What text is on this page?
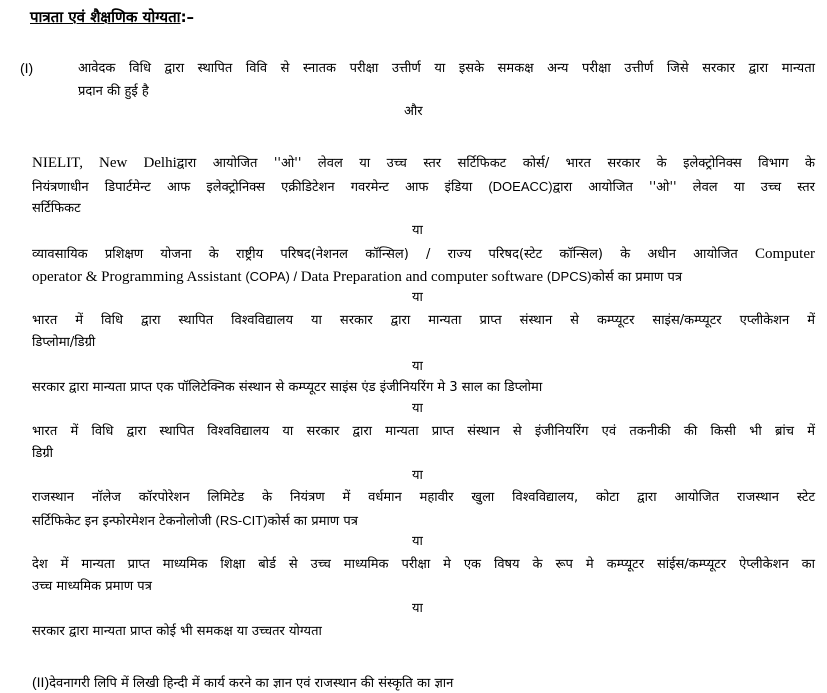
पात्रता एवं शैक्षणिक योग्यता:–
(I)	आवेदक विधि द्वारा स्थापित विवि से स्नातक परीक्षा उत्तीर्ण या इसके समकक्ष अन्य परीक्षा उत्तीर्ण जिसे सरकार द्वारा मान्यता
प्रदान की हुई है
और
NIELIT, New Delhiद्वारा आयोजित ''ओ'' लेवल या उच्च स्तर सर्टिफिकट कोर्स/ भारत सरकार के इलेक्ट्रोनिक्स विभाग के
नियंत्रणाधीन डिपार्टमेन्ट आफ इलेक्ट्रोनिक्स एक्रीडिटेशन गवरमेन्ट आफ इंडिया (DOEACC)द्वारा आयोजित ''ओ'' लेवल या उच्च स्तर
सर्टिफिकट
या
व्यावसायिक प्रशिक्षण योजना के राष्ट्रीय परिषद(नेशनल कॉन्सिल) / राज्य परिषद(स्टेट कॉन्सिल) के अधीन आयोजित Computer
operator & Programming Assistant (COPA) / Data Preparation and computer software (DPCS)कोर्स का प्रमाण पत्र
या
भारत में विधि द्वारा स्थापित विश्वविद्यालय या सरकार द्वारा मान्यता प्राप्त संस्थान से कम्प्यूटर साइंस/कम्प्यूटर एप्लीकेशन में
डिप्लोमा/डिग्री
या
सरकार द्वारा मान्यता प्राप्त एक पॉलिटेक्निक संस्थान से कम्प्यूटर साइंस एंड इंजीनियरिंग मे 3 साल का डिप्लोमा
या
भारत में विधि द्वारा स्थापित विश्वविद्यालय या सरकार द्वारा मान्यता प्राप्त संस्थान से इंजीनियरिंग एवं तकनीकी की किसी भी ब्रांच में
डिग्री
या
राजस्थान नॉलेज कॉरपोरेशन लिमिटेड के नियंत्रण में वर्धमान महावीर खुला विश्वविद्यालय, कोटा द्वारा आयोजित राजस्थान स्टेट
सर्टिफिकेट इन इन्फोरमेशन टेकनोलोजी (RS-CIT)कोर्स का प्रमाण पत्र
या
देश में मान्यता प्राप्त माध्यमिक शिक्षा बोर्ड से उच्च माध्यमिक परीक्षा मे एक विषय के रूप मे कम्प्यूटर सांईस/कम्प्यूटर ऐप्लीकेशन का
उच्च माध्यमिक प्रमाण पत्र
या
सरकार द्वारा मान्यता प्राप्त कोई भी समकक्ष या उच्चतर योग्यता
(II)देवनागरी लिपि में लिखी हिन्दी में कार्य करने का ज्ञान एवं राजस्थान की संस्कृति का ज्ञान
